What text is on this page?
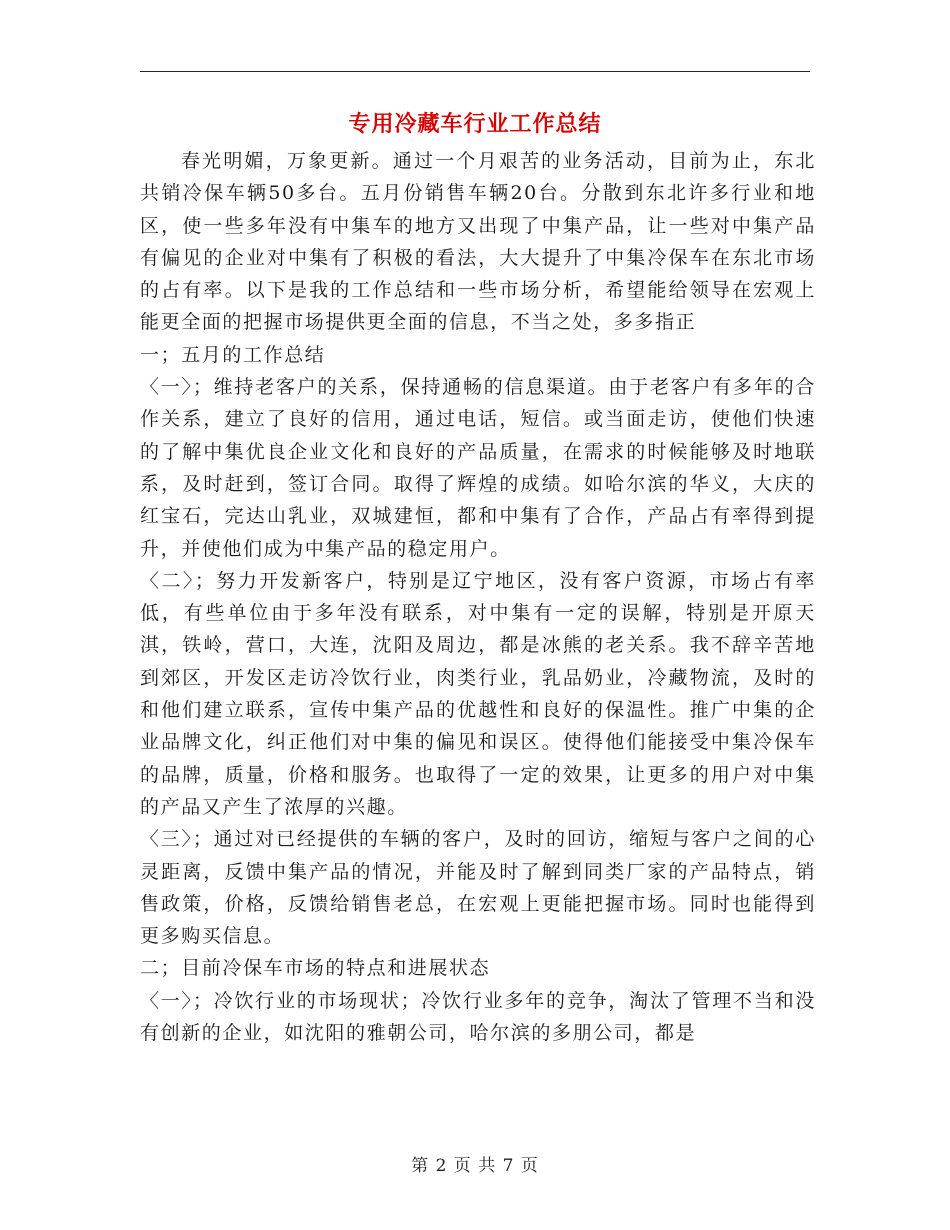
专用冷藏车行业工作总结

春光明媚，万象更新。通过一个月艰苦的业务活动，目前为止，东北共销冷保车辆50多台。五月份销售车辆20台。分散到东北许多行业和地区，使一些多年没有中集车的地方又出现了中集产品，让一些对中集产品有偏见的企业对中集有了积极的看法，大大提升了中集冷保车在东北市场的占有率。以下是我的工作总结和一些市场分析，希望能给领导在宏观上能更全面的把握市场提供更全面的信息，不当之处，多多指正

一；五月的工作总结

〈一〉；维持老客户的关系，保持通畅的信息渠道。由于老客户有多年的合作关系，建立了良好的信用，通过电话，短信。或当面走访，使他们快速的了解中集优良企业文化和良好的产品质量，在需求的时候能够及时地联系，及时赶到，签订合同。取得了辉煌的成绩。如哈尔滨的华义，大庆的红宝石，完达山乳业，双城建恒，都和中集有了合作，产品占有率得到提升，并使他们成为中集产品的稳定用户。

〈二〉；努力开发新客户，特别是辽宁地区，没有客户资源，市场占有率低，有些单位由于多年没有联系，对中集有一定的误解，特别是开原天淇，铁岭，营口，大连，沈阳及周边，都是冰熊的老关系。我不辞辛苦地到郊区，开发区走访冷饮行业，肉类行业，乳品奶业，冷藏物流，及时的和他们建立联系，宣传中集产品的优越性和良好的保温性。推广中集的企业品牌文化，纠正他们对中集的偏见和误区。使得他们能接受中集冷保车的品牌，质量，价格和服务。也取得了一定的效果，让更多的用户对中集的产品又产生了浓厚的兴趣。

〈三〉；通过对已经提供的车辆的客户，及时的回访，缩短与客户之间的心灵距离，反馈中集产品的情况，并能及时了解到同类厂家的产品特点，销售政策，价格，反馈给销售老总，在宏观上更能把握市场。同时也能得到更多购买信息。

二；目前冷保车市场的特点和进展状态

〈一〉；冷饮行业的市场现状；冷饮行业多年的竞争，淘汰了管理不当和没有创新的企业，如沈阳的雅朝公司，哈尔滨的多朋公司，都是

第 2 页 共 7 页
